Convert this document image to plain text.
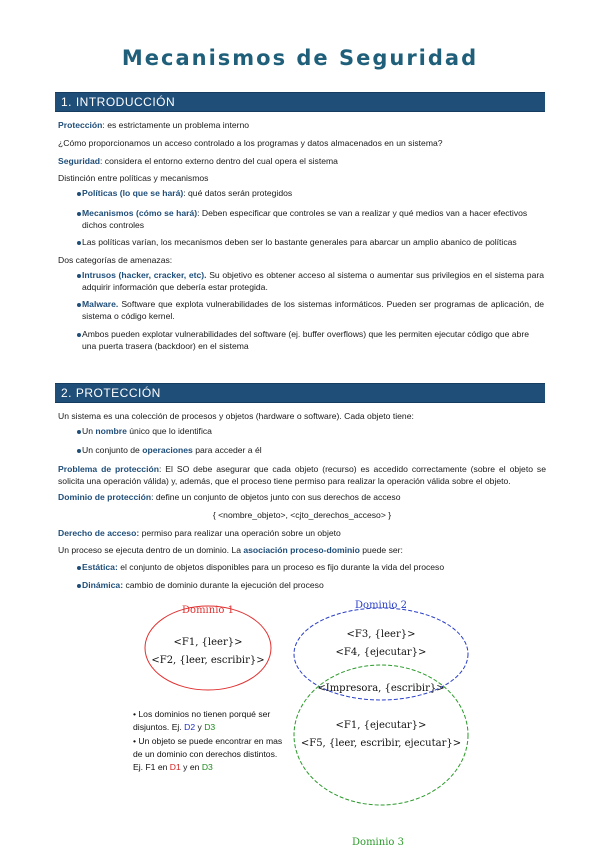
Mecanismos de Seguridad
1. INTRODUCCIÓN
Protección: es estrictamente un problema interno
¿Cómo proporcionamos un acceso controlado a los programas y datos almacenados en un sistema?
Seguridad: considera el entorno externo dentro del cual opera el sistema
Distinción entre políticas y mecanismos
Políticas (lo que se hará): qué datos serán protegidos
Mecanismos (cómo se hará): Deben especificar que controles se van a realizar y qué medios van a hacer efectivos dichos controles
Las políticas varían, los mecanismos deben ser lo bastante generales para abarcar un amplio abanico de políticas
Dos categorías de amenazas:
Intrusos (hacker, cracker, etc). Su objetivo es obtener acceso al sistema o aumentar sus privilegios en el sistema para adquirir información que debería estar protegida.
Malware. Software que explota vulnerabilidades de los sistemas informáticos. Pueden ser programas de aplicación, de sistema o código kernel.
Ambos pueden explotar vulnerabilidades del software (ej. buffer overflows) que les permiten ejecutar código que abre una puerta trasera (backdoor) en el sistema
2. PROTECCIÓN
Un sistema es una colección de procesos y objetos (hardware o software). Cada objeto tiene:
Un nombre único que lo identifica
Un conjunto de operaciones para acceder a él
Problema de protección: El SO debe asegurar que cada objeto (recurso) es accedido correctamente (sobre el objeto se solicita una operación válida) y, además, que el proceso tiene permiso para realizar la operación válida sobre el objeto.
Dominio de protección: define un conjunto de objetos junto con sus derechos de acceso
{ <nombre_objeto>, <cjto_derechos_acceso> }
Derecho de acceso: permiso para realizar una operación sobre un objeto
Un proceso se ejecuta dentro de un dominio. La asociación proceso-dominio puede ser:
Estática: el conjunto de objetos disponibles para un proceso es fijo durante la vida del proceso
Dinámica: cambio de dominio durante la ejecución del proceso
Dominio 1	Dominio 2
Dominio 3
<F1, {leer}>
<F2, {leer, escribir}>
<F3, {leer}>
<F4, {ejecutar}>
<Impresora, {escribir}>
<F1, {ejecutar}>
<F5, {leer, escribir, ejecutar}>
• Los dominios no tienen porqué ser disjuntos. Ej. D2 y D3
• Un objeto se puede encontrar en mas de un dominio con derechos distintos. Ej. F1 en D1 y en D3
